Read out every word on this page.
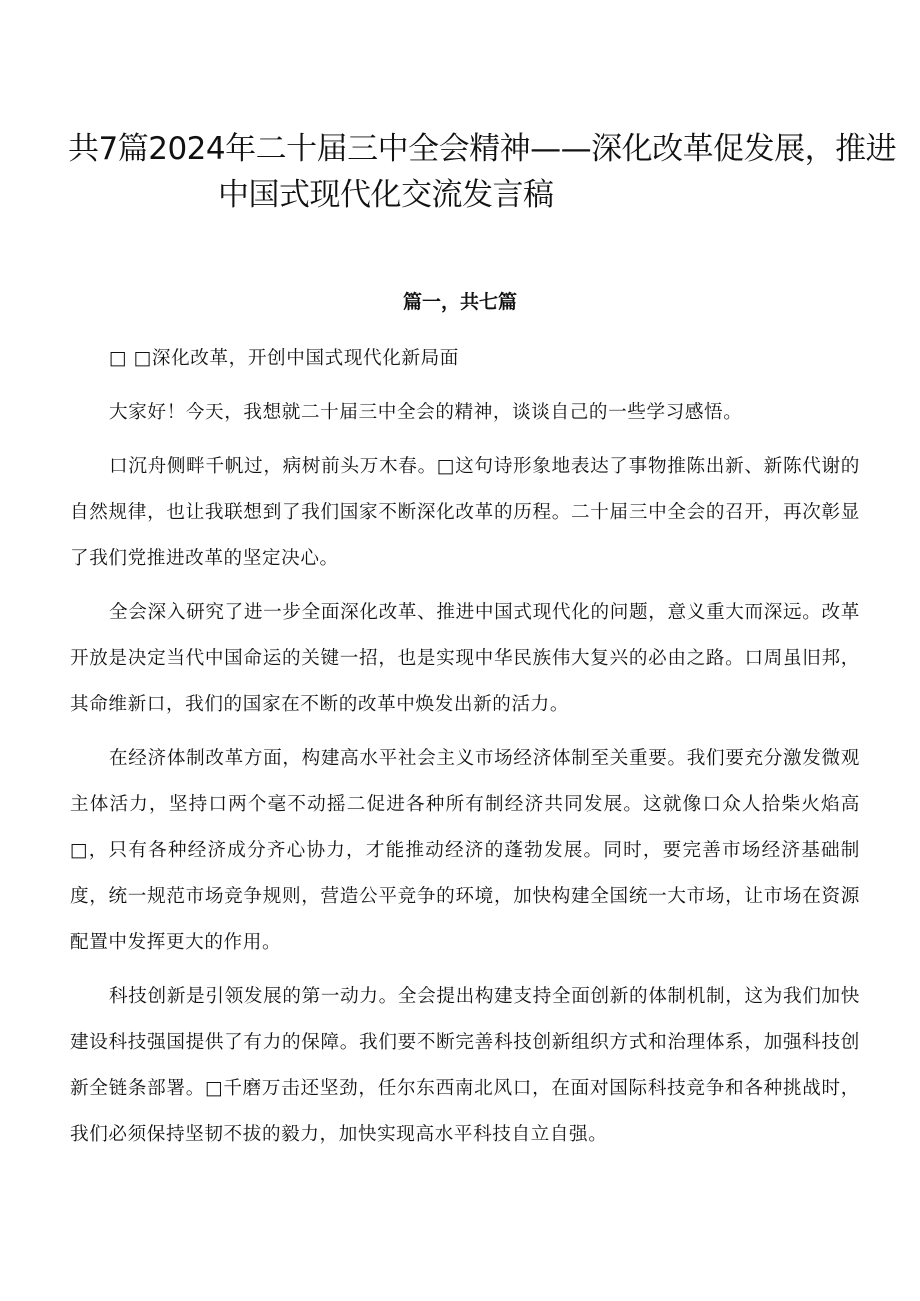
共7篇2024年二十届三中全会精神——深化改革促发展，推进
中国式现代化交流发言稿
篇一，共七篇

□ □深化改革，开创中国式现代化新局面

大家好！今天，我想就二十届三中全会的精神，谈谈自己的一些学习感悟。

口沉舟侧畔千帆过，病树前头万木春。□这句诗形象地表达了事物推陈出新、新陈代谢的自然规律，也让我联想到了我们国家不断深化改革的历程。二十届三中全会的召开，再次彰显了我们党推进改革的坚定决心。

全会深入研究了进一步全面深化改革、推进中国式现代化的问题，意义重大而深远。改革开放是决定当代中国命运的关键一招，也是实现中华民族伟大复兴的必由之路。口周虽旧邦，其命维新口，我们的国家在不断的改革中焕发出新的活力。

在经济体制改革方面，构建高水平社会主义市场经济体制至关重要。我们要充分激发微观主体活力，坚持口两个毫不动摇二促进各种所有制经济共同发展。这就像口众人拾柴火焰高□，只有各种经济成分齐心协力，才能推动经济的蓬勃发展。同时，要完善市场经济基础制度，统一规范市场竞争规则，营造公平竞争的环境，加快构建全国统一大市场，让市场在资源配置中发挥更大的作用。

科技创新是引领发展的第一动力。全会提出构建支持全面创新的体制机制，这为我们加快建设科技强国提供了有力的保障。我们要不断完善科技创新组织方式和治理体系，加强科技创新全链条部署。□千磨万击还坚劲，任尔东西南北风口，在面对国际科技竞争和各种挑战时，我们必须保持坚韧不拔的毅力，加快实现高水平科技自立自强。
